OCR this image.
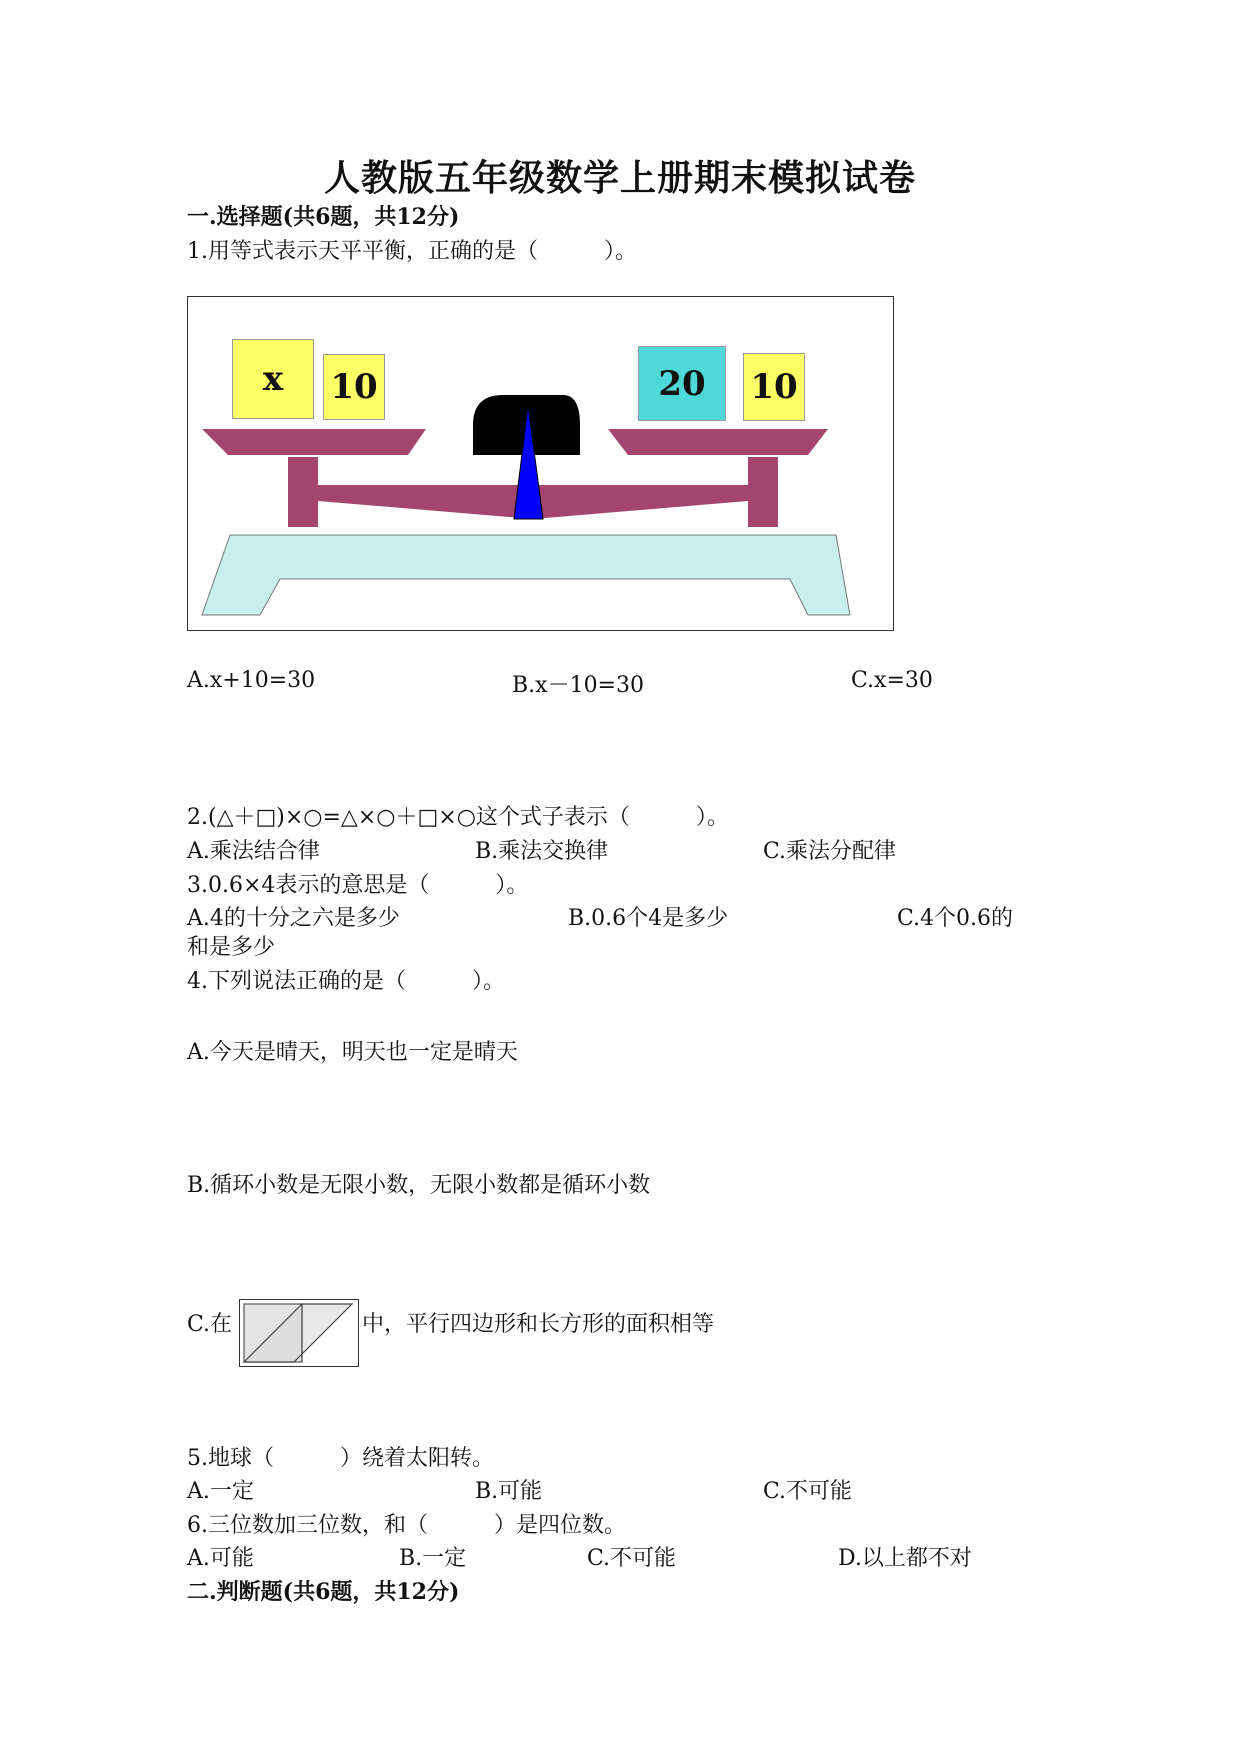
人教版五年级数学上册期末模拟试卷
一.选择题(共6题，共12分)
1.用等式表示天平平衡，正确的是（　　　）。
x	10	20	10
A.x+10=30	B.x－10=30	C.x=30
2.(△＋□)×○=△×○＋□×○这个式子表示（　　　）。
A.乘法结合律	B.乘法交换律	C.乘法分配律
3.0.6×4表示的意思是（　　　）。
A.4的十分之六是多少	B.0.6个4是多少	C.4个0.6的
和是多少
4.下列说法正确的是（　　　）。
A.今天是晴天，明天也一定是晴天
B.循环小数是无限小数，无限小数都是循环小数
C.在	中，平行四边形和长方形的面积相等
5.地球（　　　）绕着太阳转。
A.一定	B.可能	C.不可能
6.三位数加三位数，和（　　　）是四位数。
A.可能	B.一定	C.不可能	D.以上都不对
二.判断题(共6题，共12分)
